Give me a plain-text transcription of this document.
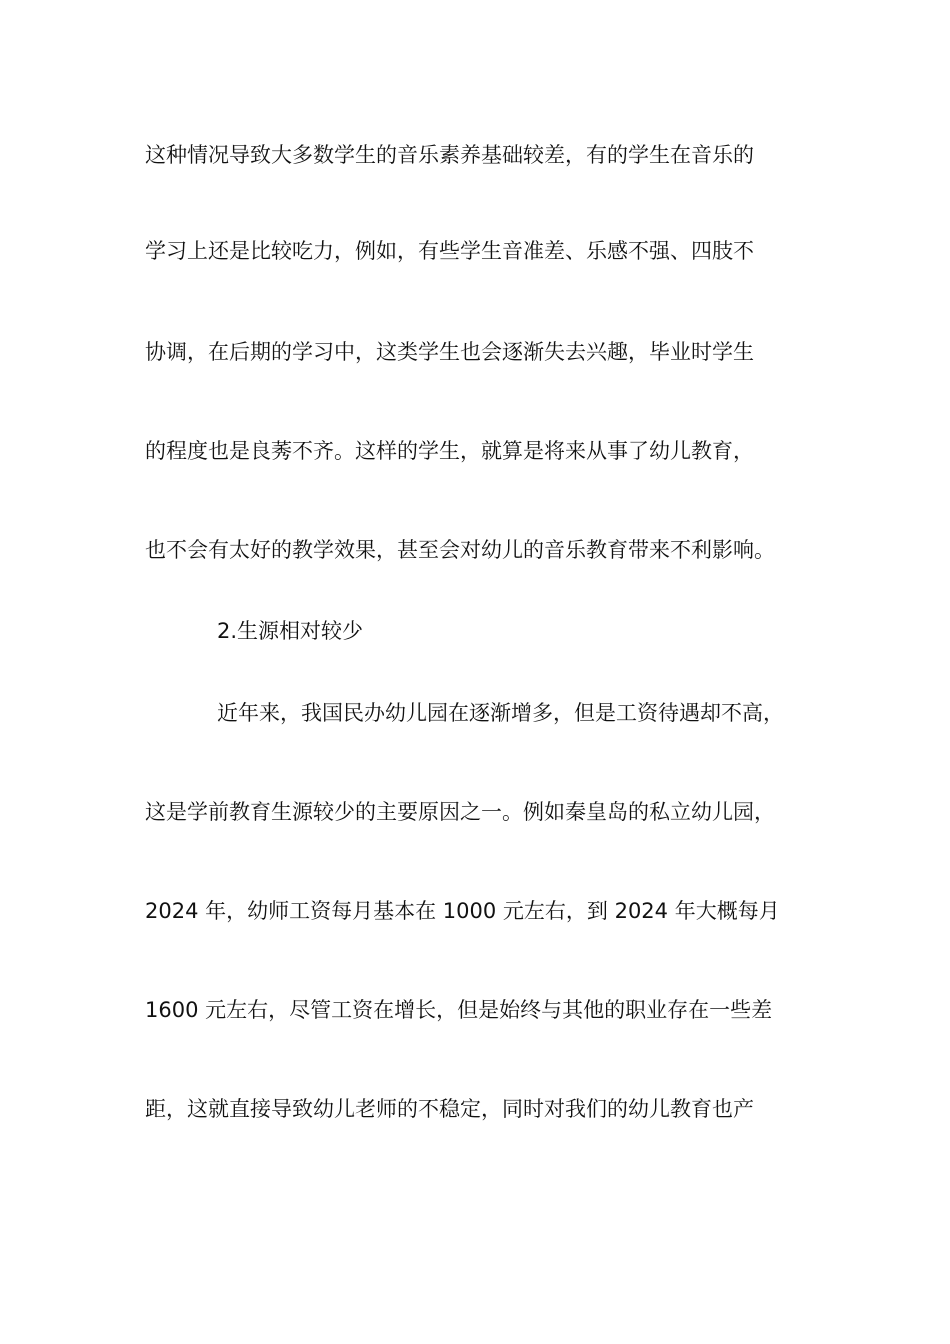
这种情况导致大多数学生的音乐素养基础较差，有的学生在音乐的
学习上还是比较吃力，例如，有些学生音准差、乐感不强、四肢不
协调，在后期的学习中，这类学生也会逐渐失去兴趣，毕业时学生
的程度也是良莠不齐。这样的学生，就算是将来从事了幼儿教育，
也不会有太好的教学效果，甚至会对幼儿的音乐教育带来不利影响。
2.生源相对较少
近年来，我国民办幼儿园在逐渐增多，但是工资待遇却不高，
这是学前教育生源较少的主要原因之一。例如秦皇岛的私立幼儿园，
2024 年，幼师工资每月基本在 1000 元左右，到 2024 年大概每月
1600 元左右，尽管工资在增长，但是始终与其他的职业存在一些差
距，这就直接导致幼儿老师的不稳定，同时对我们的幼儿教育也产
